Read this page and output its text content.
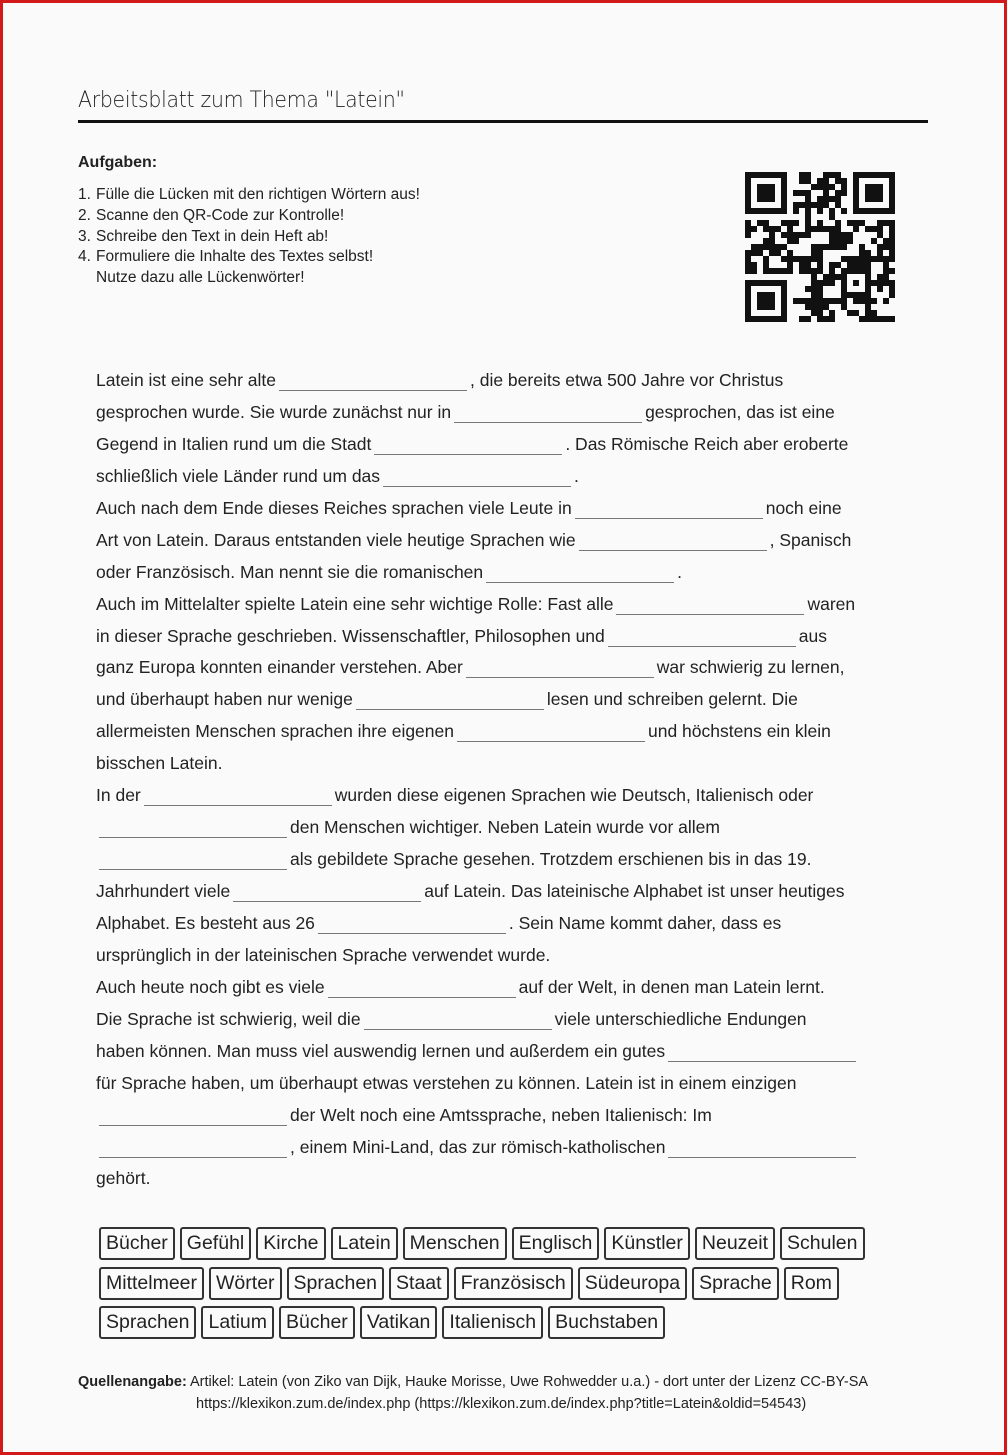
Arbeitsblatt zum Thema "Latein"
Aufgaben:
1. Fülle die Lücken mit den richtigen Wörtern aus!
2. Scanne den QR-Code zur Kontrolle!
3. Schreibe den Text in dein Heft ab!
4. Formuliere die Inhalte des Textes selbst!
Nutze dazu alle Lückenwörter!
Latein ist eine sehr alte	, die bereits etwa 500 Jahre vor Christus
gesprochen wurde. Sie wurde zunächst nur in	gesprochen, das ist eine
Gegend in Italien rund um die Stadt	. Das Römische Reich aber eroberte
schließlich viele Länder rund um das	.
Auch nach dem Ende dieses Reiches sprachen viele Leute in	noch eine
Art von Latein. Daraus entstanden viele heutige Sprachen wie	, Spanisch
oder Französisch. Man nennt sie die romanischen	.
Auch im Mittelalter spielte Latein eine sehr wichtige Rolle: Fast alle	waren
in dieser Sprache geschrieben. Wissenschaftler, Philosophen und	aus
ganz Europa konnten einander verstehen. Aber	war schwierig zu lernen,
und überhaupt haben nur wenige	lesen und schreiben gelernt. Die
allermeisten Menschen sprachen ihre eigenen	und höchstens ein klein
bisschen Latein.
In der	wurden diese eigenen Sprachen wie Deutsch, Italienisch oder
den Menschen wichtiger. Neben Latein wurde vor allem
als gebildete Sprache gesehen. Trotzdem erschienen bis in das 19.
Jahrhundert viele	auf Latein. Das lateinische Alphabet ist unser heutiges
Alphabet. Es besteht aus 26	. Sein Name kommt daher, dass es
ursprünglich in der lateinischen Sprache verwendet wurde.
Auch heute noch gibt es viele	auf der Welt, in denen man Latein lernt.
Die Sprache ist schwierig, weil die	viele unterschiedliche Endungen
haben können. Man muss viel auswendig lernen und außerdem ein gutes
für Sprache haben, um überhaupt etwas verstehen zu können. Latein ist in einem einzigen
der Welt noch eine Amtssprache, neben Italienisch: Im
, einem Mini-Land, das zur römisch-katholischen
gehört.
Bücher Gefühl Kirche Latein Menschen Englisch Künstler Neuzeit Schulen
Mittelmeer Wörter Sprachen Staat Französisch Südeuropa Sprache Rom
Sprachen Latium Bücher Vatikan Italienisch Buchstaben
Quellenangabe: Artikel: Latein (von Ziko van Dijk, Hauke Morisse, Uwe Rohwedder u.a.) - dort unter der Lizenz CC-BY-SA
https://klexikon.zum.de/index.php (https://klexikon.zum.de/index.php?title=Latein&oldid=54543)
